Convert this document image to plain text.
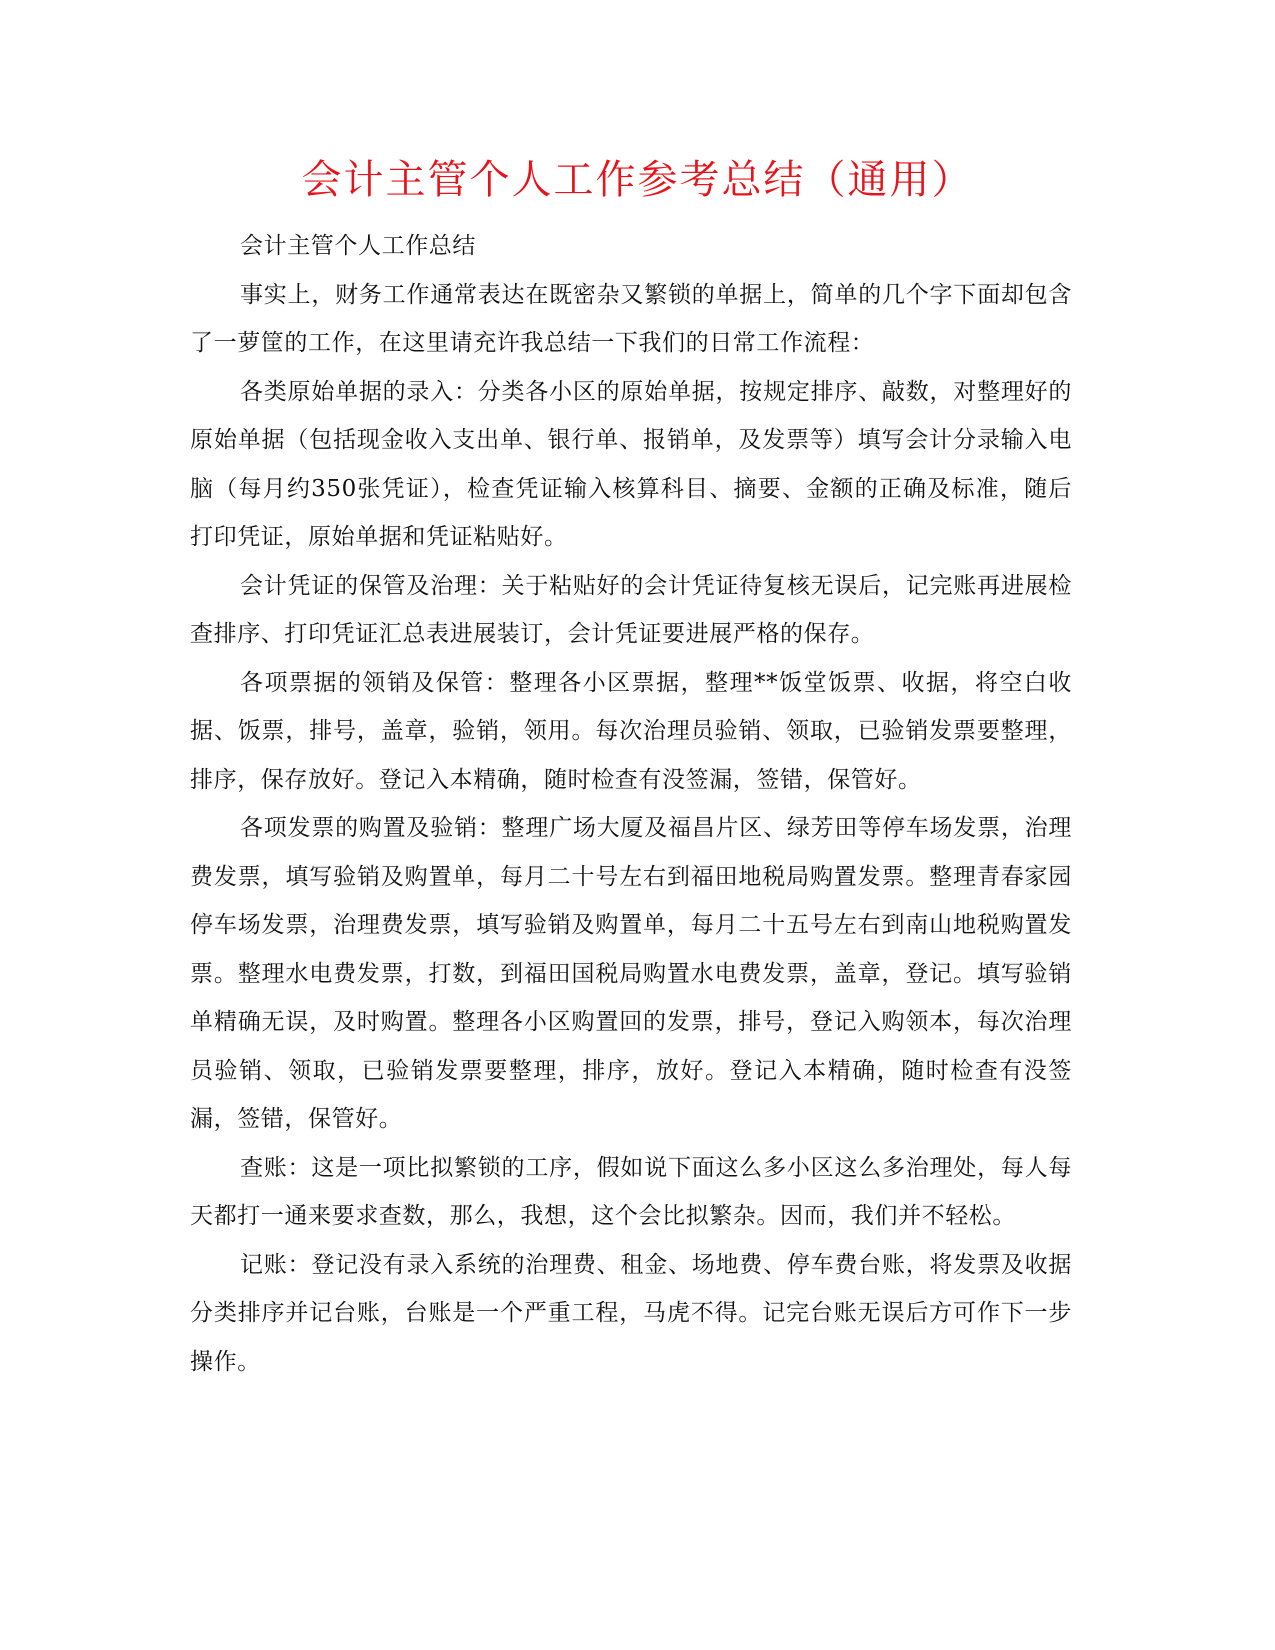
会计主管个人工作参考总结（通用）

会计主管个人工作总结

事实上，财务工作通常表达在既密杂又繁锁的单据上，简单的几个字下面却包含了一萝筐的工作，在这里请充许我总结一下我们的日常工作流程：

各类原始单据的录入：分类各小区的原始单据，按规定排序、敲数，对整理好的原始单据（包括现金收入支出单、银行单、报销单，及发票等）填写会计分录输入电脑（每月约350张凭证），检查凭证输入核算科目、摘要、金额的正确及标准，随后打印凭证，原始单据和凭证粘贴好。

会计凭证的保管及治理：关于粘贴好的会计凭证待复核无误后，记完账再进展检查排序、打印凭证汇总表进展装订，会计凭证要进展严格的保存。

各项票据的领销及保管：整理各小区票据，整理**饭堂饭票、收据，将空白收据、饭票，排号，盖章，验销，领用。每次治理员验销、领取，已验销发票要整理，排序，保存放好。登记入本精确，随时检查有没签漏，签错，保管好。

各项发票的购置及验销：整理广场大厦及福昌片区、绿芳田等停车场发票，治理费发票，填写验销及购置单，每月二十号左右到福田地税局购置发票。整理青春家园停车场发票，治理费发票，填写验销及购置单，每月二十五号左右到南山地税购置发票。整理水电费发票，打数，到福田国税局购置水电费发票，盖章，登记。填写验销单精确无误，及时购置。整理各小区购置回的发票，排号，登记入购领本，每次治理员验销、领取，已验销发票要整理，排序，放好。登记入本精确，随时检查有没签漏，签错，保管好。

查账：这是一项比拟繁锁的工序，假如说下面这么多小区这么多治理处，每人每天都打一通来要求查数，那么，我想，这个会比拟繁杂。因而，我们并不轻松。

记账：登记没有录入系统的治理费、租金、场地费、停车费台账，将发票及收据分类排序并记台账，台账是一个严重工程，马虎不得。记完台账无误后方可作下一步操作。
